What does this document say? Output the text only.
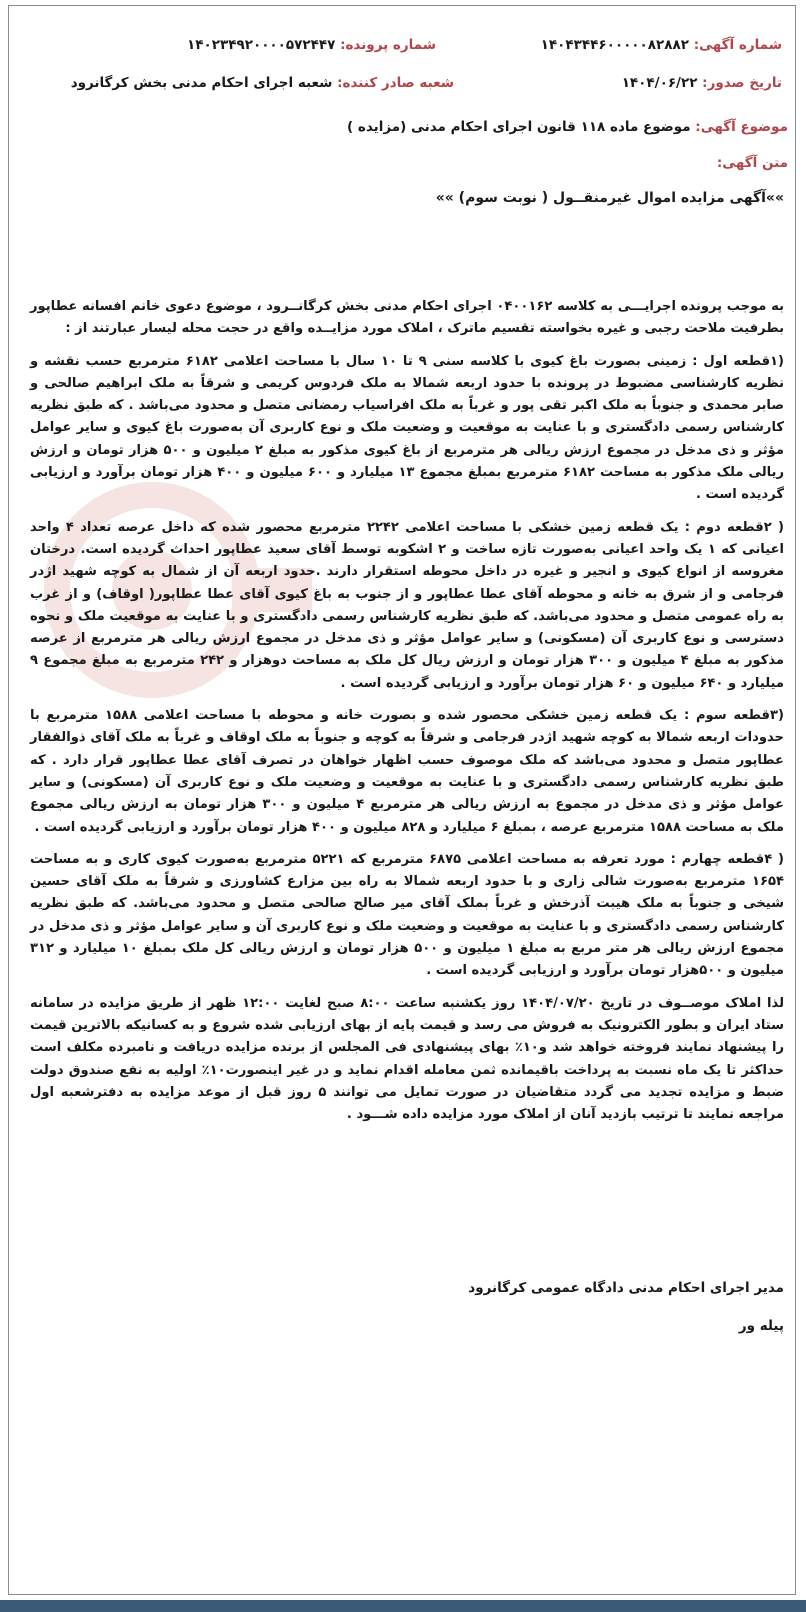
شماره آگهی: ۱۴۰۴۳۴۴۶۰۰۰۰۰۸۲۸۸۲
شماره پرونده: ۱۴۰۲۳۴۹۲۰۰۰۰۵۷۲۴۴۷
تاریخ صدور: ۱۴۰۴/۰۶/۲۲
شعبه صادر کننده: شعبه اجرای احکام مدنی بخش کرگانرود
موضوع آگهی: موضوع ماده ۱۱۸ قانون اجرای احکام مدنی (مزایده )
متن آگهی:
»»آگهی مزایده اموال غیرمنقــول ( نوبت سوم) »»

به موجب پرونده اجرایـــی به کلاسه ۰۴۰۰۱۶۲ اجرای احکام مدنی بخش کرگانــرود ، موضوع دعوی خانم افسانه عطاپور بطرفیت ملاحت رجبی و غیره بخواسته تقسیم ماترک ، املاک مورد مزایــده واقع در حجت محله لیسار عبارتند از :

(۱قطعه اول : زمینی بصورت باغ کیوی با کلاسه سنی ۹ تا ۱۰ سال با مساحت اعلامی ۶۱۸۲ مترمربع حسب نقشه و نظریه کارشناسی مضبوط در پرونده با حدود اربعه شمالا به ملک فردوس کریمی و شرقاً به ملک ابراهیم صالحی و صابر محمدی و جنوباً به ملک اکبر تقی پور و غرباً به ملک افراسیاب رمضانی متصل و محدود می‌باشد . که طبق نظریه کارشناس رسمی دادگستری و با عنایت به موقعیت و وضعیت ملک و نوع کاربری آن به‌صورت باغ کیوی و سایر عوامل مؤثر و ذی مدخل در مجموع ارزش ریالی هر مترمربع از باغ کیوی مذکور به مبلغ ۲ میلیون و ۵۰۰ هزار تومان و ارزش ریالی ملک مذکور به مساحت ۶۱۸۲ مترمربع بمبلغ مجموع ۱۳ میلیارد و ۶۰۰ میلیون و ۴۰۰ هزار تومان برآورد و ارزیابی گردیده است .

( ۲قطعه دوم : یک قطعه زمین خشکی با مساحت اعلامی ۲۲۴۲ مترمربع محصور شده که داخل عرصه تعداد ۴ واحد اعیانی که ۱ یک واحد اعیانی به‌صورت تازه ساخت و ۲ اشکوبه توسط آقای سعید عطاپور احداث گردیده است. درختان مغروسه از انواع کیوی و انجیر و غیره در داخل محوطه استقرار دارند .حدود اربعه آن از شمال به کوچه شهید اژدر فرجامی و از شرق به خانه و محوطه آقای عطا عطاپور و از جنوب به باغ کیوی آقای عطا عطاپور( اوقاف) و از غرب به راه عمومی متصل و محدود می‌باشد. که طبق نظریه کارشناس رسمی دادگستری و با عنایت به موقعیت ملک و نحوه دسترسی و نوع کاربری آن (مسکونی) و سایر عوامل مؤثر و ذی مدخل در مجموع ارزش ریالی هر مترمربع از عرصه مذکور به مبلغ ۴ میلیون و ۳۰۰ هزار تومان و ارزش ریال کل ملک به مساحت دوهزار و ۲۴۲ مترمربع به مبلغ مجموع ۹ میلیارد و ۶۴۰ میلیون و ۶۰ هزار تومان برآورد و ارزیابی گردیده است .

(۳قطعه سوم : یک قطعه زمین خشکی محصور شده و بصورت خانه و محوطه با مساحت اعلامی ۱۵۸۸ مترمربع با حدودات اربعه شمالا به کوچه شهید اژدر فرجامی و شرقاً به کوچه و جنوباً به ملک اوقاف و غرباً به ملک آقای ذوالفقار عطاپور متصل و محدود می‌باشد که ملک موصوف حسب اظهار خواهان در تصرف آقای عطا عطاپور قرار دارد . که طبق نظریه کارشناس رسمی دادگستری و با عنایت به موقعیت و وضعیت ملک و نوع کاربری آن (مسکونی) و سایر عوامل مؤثر و ذی مدخل در مجموع به ارزش ریالی هر مترمربع ۴ میلیون و ۳۰۰ هزار تومان به ارزش ریالی مجموع ملک به مساحت ۱۵۸۸ مترمربع عرصه ، بمبلغ ۶ میلیارد و ۸۲۸ میلیون و ۴۰۰ هزار تومان برآورد و ارزیابی گردیده است .

( ۴قطعه چهارم : مورد تعرفه به مساحت اعلامی ۶۸۷۵ مترمربع که ۵۲۲۱ مترمربع به‌صورت کیوی کاری و به مساحت ۱۶۵۴ مترمربع به‌صورت شالی زاری و با حدود اربعه شمالا به راه بین مزارع کشاورزی و شرقاً به ملک آقای حسین شیخی و جنوباً به ملک هیبت آذرخش و غرباً بملک آقای میر صالح صالحی متصل و محدود می‌باشد. که طبق نظریه کارشناس رسمی دادگستری و با عنایت به موقعیت و وضعیت ملک و نوع کاربری آن و سایر عوامل مؤثر و ذی مدخل در مجموع ارزش ریالی هر متر مربع به مبلغ ۱ میلیون و ۵۰۰ هزار تومان و ارزش ریالی کل ملک بمبلغ ۱۰ میلیارد و ۳۱۲ میلیون و ۵۰۰هزار تومان برآورد و ارزیابی گردیده است .

لذا املاک موصــوف در تاریخ ۱۴۰۴/۰۷/۲۰ روز یکشنبه ساعت ۸:۰۰ صبح لغایت ۱۲:۰۰ ظهر از طریق مزایده در سامانه ستاد ایران و بطور الکترونیک به فروش می رسد و قیمت پایه از بهای ارزیابی شده شروع و به کسانیکه بالاترین قیمت را پیشنهاد نمایند فروخته خواهد شد و۱۰٪ بهای پیشنهادی فی المجلس از برنده مزایده دریافت و نامبرده مکلف است حداکثر تا یک ماه نسبت به پرداخت باقیمانده ثمن معامله اقدام نماید و در غیر اینصورت۱۰٪ اولیه به نفع صندوق دولت ضبط و مزایده تجدید می گردد متقاضیان در صورت تمایل می توانند ۵ روز قبل از موعد مزایده به دفترشعبه اول مراجعه نمایند تا ترتیب بازدید آنان از املاک مورد مزایده داده شـــود .

مدیر اجرای احکام مدنی دادگاه عمومی کرگانرود
پیله ور
